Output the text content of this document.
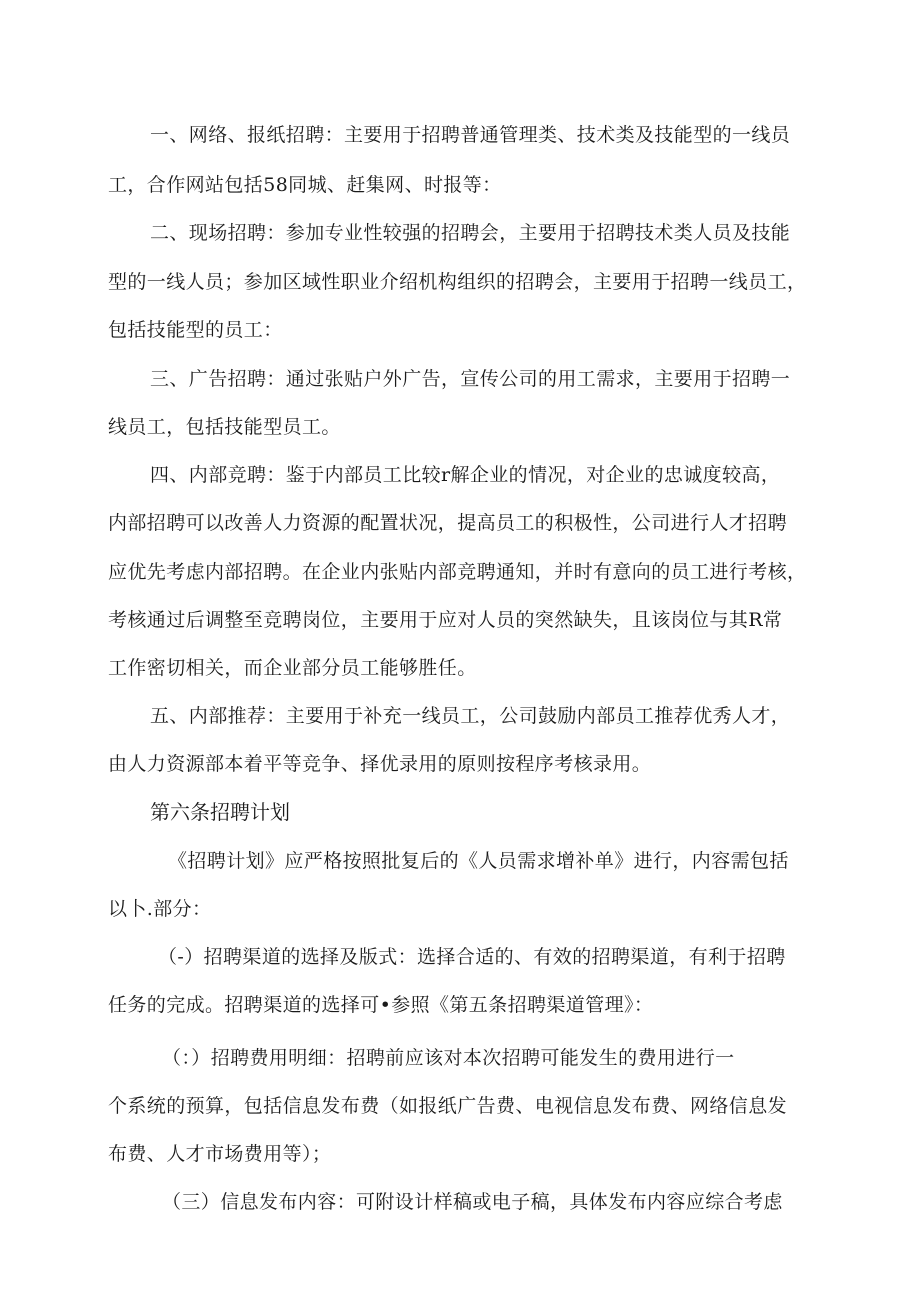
一、网络、报纸招聘：主要用于招聘普通管理类、技术类及技能型的一线员
工，合作网站包括58同城、赶集网、时报等：
二、现场招聘：参加专业性较强的招聘会，主要用于招聘技术类人员及技能
型的一线人员；参加区域性职业介绍机构组织的招聘会，主要用于招聘一线员工，
包括技能型的员工：
三、广告招聘：通过张贴户外广告，宣传公司的用工需求，主要用于招聘一
线员工，包括技能型员工。
四、内部竞聘：鉴于内部员工比较r解企业的情况，对企业的忠诚度较高，
内部招聘可以改善人力资源的配置状况，提高员工的积极性，公司进行人才招聘
应优先考虑内部招聘。在企业内张贴内部竞聘通知，并时有意向的员工进行考核，
考核通过后调整至竞聘岗位，主要用于应对人员的突然缺失，且该岗位与其R常
工作密切相关，而企业部分员工能够胜任。
五、内部推荐：主要用于补充一线员工，公司鼓励内部员工推荐优秀人才，
由人力资源部本着平等竞争、择优录用的原则按程序考核录用。
第六条招聘计划
《招聘计划》应严格按照批复后的《人员需求增补单》进行，内容需包括
以卜.部分：
（-）招聘渠道的选择及版式：选择合适的、有效的招聘渠道，有利于招聘
任务的完成。招聘渠道的选择可•参照《第五条招聘渠道管理》：
（：）招聘费用明细：招聘前应该对本次招聘可能发生的费用进行一
个系统的预算，包括信息发布费（如报纸广告费、电视信息发布费、网络信息发
布费、人才市场费用等）；
（三）信息发布内容：可附设计样稿或电子稿，具体发布内容应综合考虑
